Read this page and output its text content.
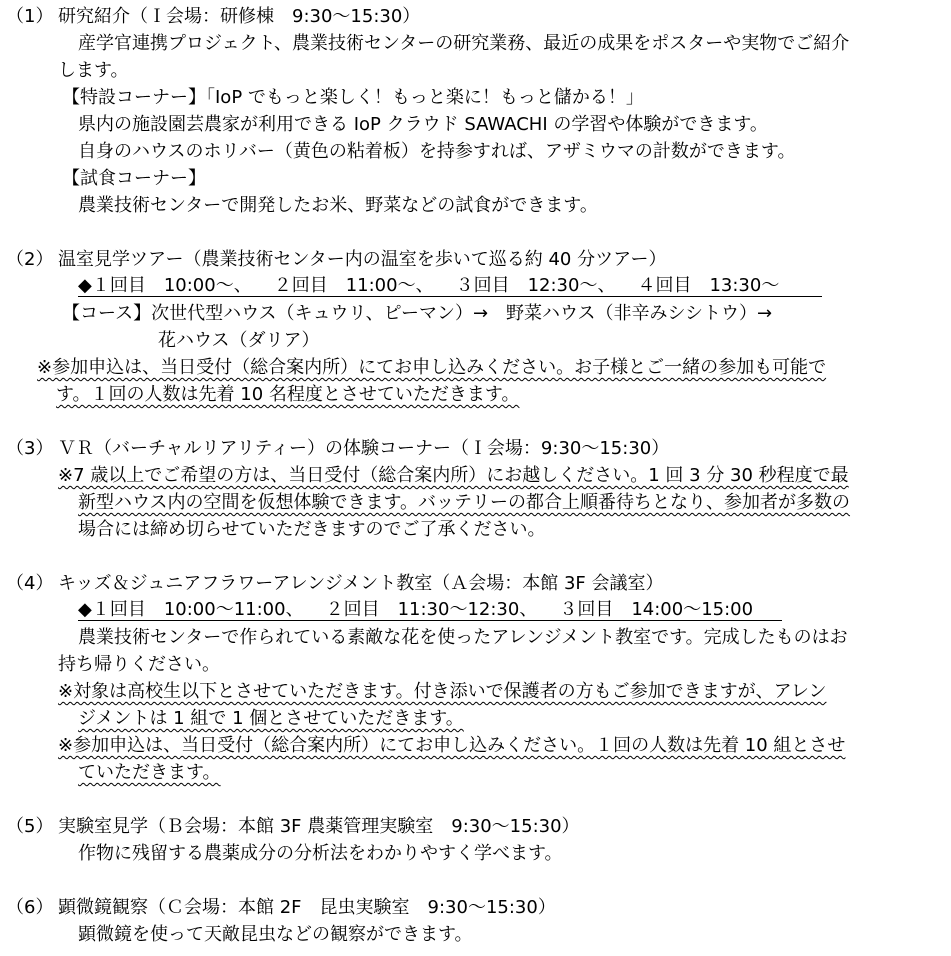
（1） 研究紹介（Ｉ会場：研修棟　9:30〜15:30）
産学官連携プロジェクト、農業技術センターの研究業務、最近の成果をポスターや実物でご紹介
します。
【特設コーナー】「IoP でもっと楽しく！もっと楽に！もっと儲かる！」
県内の施設園芸農家が利用できる IoP クラウド SAWACHI の学習や体験ができます。
自身のハウスのホリバー（黄色の粘着板）を持参すれば、アザミウマの計数ができます。
【試食コーナー】
農業技術センターで開発したお米、野菜などの試食ができます。
（2） 温室見学ツアー（農業技術センター内の温室を歩いて巡る約 40 分ツアー）
◆１回目　10:00〜、 ２回目　11:00〜、 ３回目　12:30〜、 ４回目　13:30〜
【コース】次世代型ハウス（キュウリ、ピーマン）→　野菜ハウス（非辛みシシトウ）→
花ハウス（ダリア）
※参加申込は、当日受付（総合案内所）にてお申し込みください。お子様とご一緒の参加も可能で
す。１回の人数は先着 10 名程度とさせていただきます。
（3） ＶＲ（バーチャルリアリティー）の体験コーナー（Ｉ会場：9:30〜15:30）
※7 歳以上でご希望の方は、当日受付（総合案内所）にお越しください。1 回 3 分 30 秒程度で最
新型ハウス内の空間を仮想体験できます。バッテリーの都合上順番待ちとなり、参加者が多数の
場合には締め切らせていただきますのでご了承ください。
（4） キッズ＆ジュニアフラワーアレンジメント教室（Ａ会場：本館 3F 会議室）
◆１回目　10:00〜11:00、 ２回目　11:30〜12:30、 ３回目　14:00〜15:00
農業技術センターで作られている素敵な花を使ったアレンジメント教室です。完成したものはお
持ち帰りください。
※対象は高校生以下とさせていただきます。付き添いで保護者の方もご参加できますが、アレン
ジメントは 1 組で 1 個とさせていただきます。
※参加申込は、当日受付（総合案内所）にてお申し込みください。１回の人数は先着 10 組とさせ
ていただきます。
（5） 実験室見学（Ｂ会場：本館 3F 農薬管理実験室　9:30〜15:30）
作物に残留する農薬成分の分析法をわかりやすく学べます。
（6） 顕微鏡観察（Ｃ会場：本館 2F　昆虫実験室　9:30〜15:30）
顕微鏡を使って天敵昆虫などの観察ができます。
